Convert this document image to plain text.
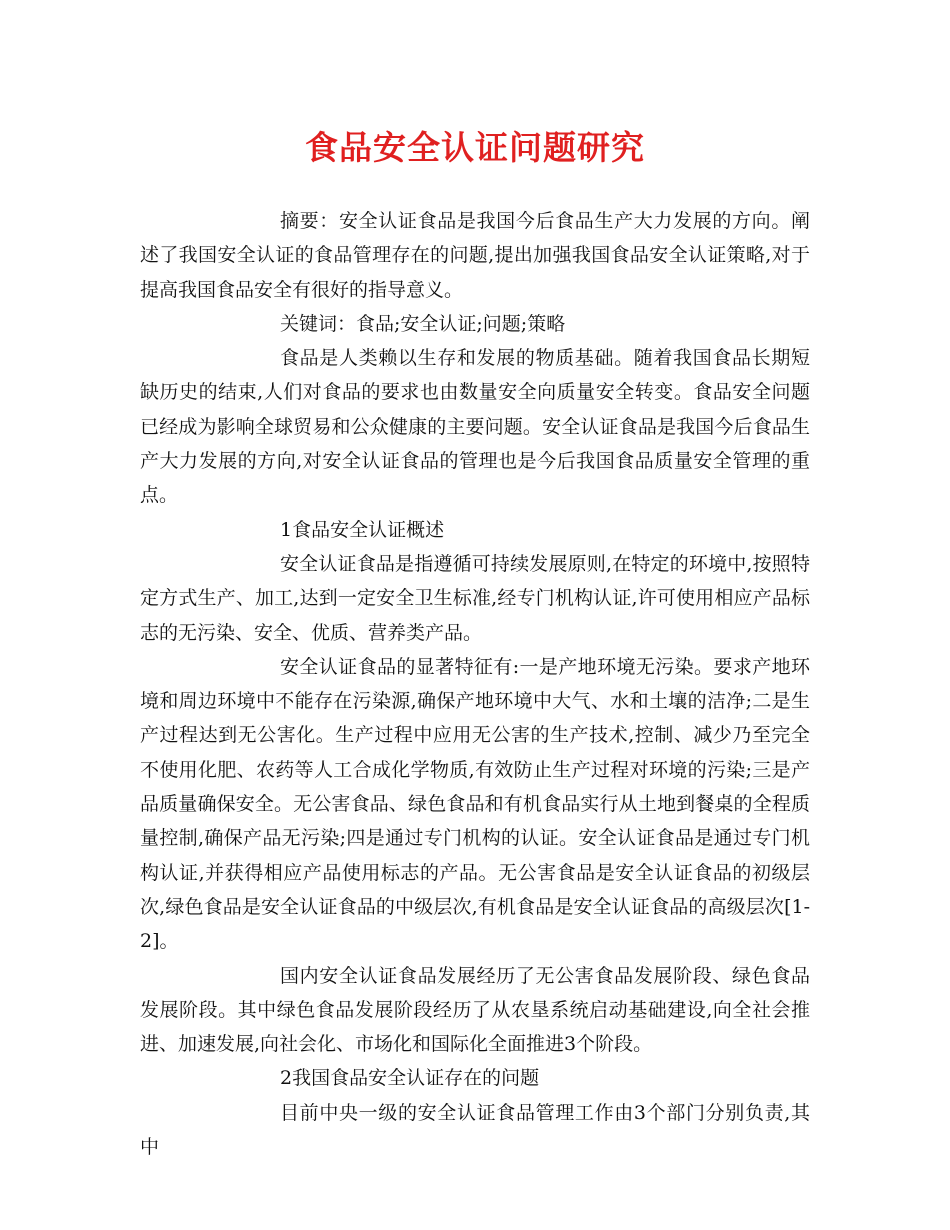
食品安全认证问题研究

摘要：安全认证食品是我国今后食品生产大力发展的方向。阐述了我国安全认证的食品管理存在的问题,提出加强我国食品安全认证策略,对于提高我国食品安全有很好的指导意义。

关键词：食品;安全认证;问题;策略

食品是人类赖以生存和发展的物质基础。随着我国食品长期短缺历史的结束,人们对食品的要求也由数量安全向质量安全转变。食品安全问题已经成为影响全球贸易和公众健康的主要问题。安全认证食品是我国今后食品生产大力发展的方向,对安全认证食品的管理也是今后我国食品质量安全管理的重点。

1食品安全认证概述

安全认证食品是指遵循可持续发展原则,在特定的环境中,按照特定方式生产、加工,达到一定安全卫生标准,经专门机构认证,许可使用相应产品标志的无污染、安全、优质、营养类产品。

安全认证食品的显著特征有:一是产地环境无污染。要求产地环境和周边环境中不能存在污染源,确保产地环境中大气、水和土壤的洁净;二是生产过程达到无公害化。生产过程中应用无公害的生产技术,控制、减少乃至完全不使用化肥、农药等人工合成化学物质,有效防止生产过程对环境的污染;三是产品质量确保安全。无公害食品、绿色食品和有机食品实行从土地到餐桌的全程质量控制,确保产品无污染;四是通过专门机构的认证。安全认证食品是通过专门机构认证,并获得相应产品使用标志的产品。无公害食品是安全认证食品的初级层次,绿色食品是安全认证食品的中级层次,有机食品是安全认证食品的高级层次[1-2]。

国内安全认证食品发展经历了无公害食品发展阶段、绿色食品发展阶段。其中绿色食品发展阶段经历了从农垦系统启动基础建设,向全社会推进、加速发展,向社会化、市场化和国际化全面推进3个阶段。

2我国食品安全认证存在的问题

目前中央一级的安全认证食品管理工作由3个部门分别负责,其中
